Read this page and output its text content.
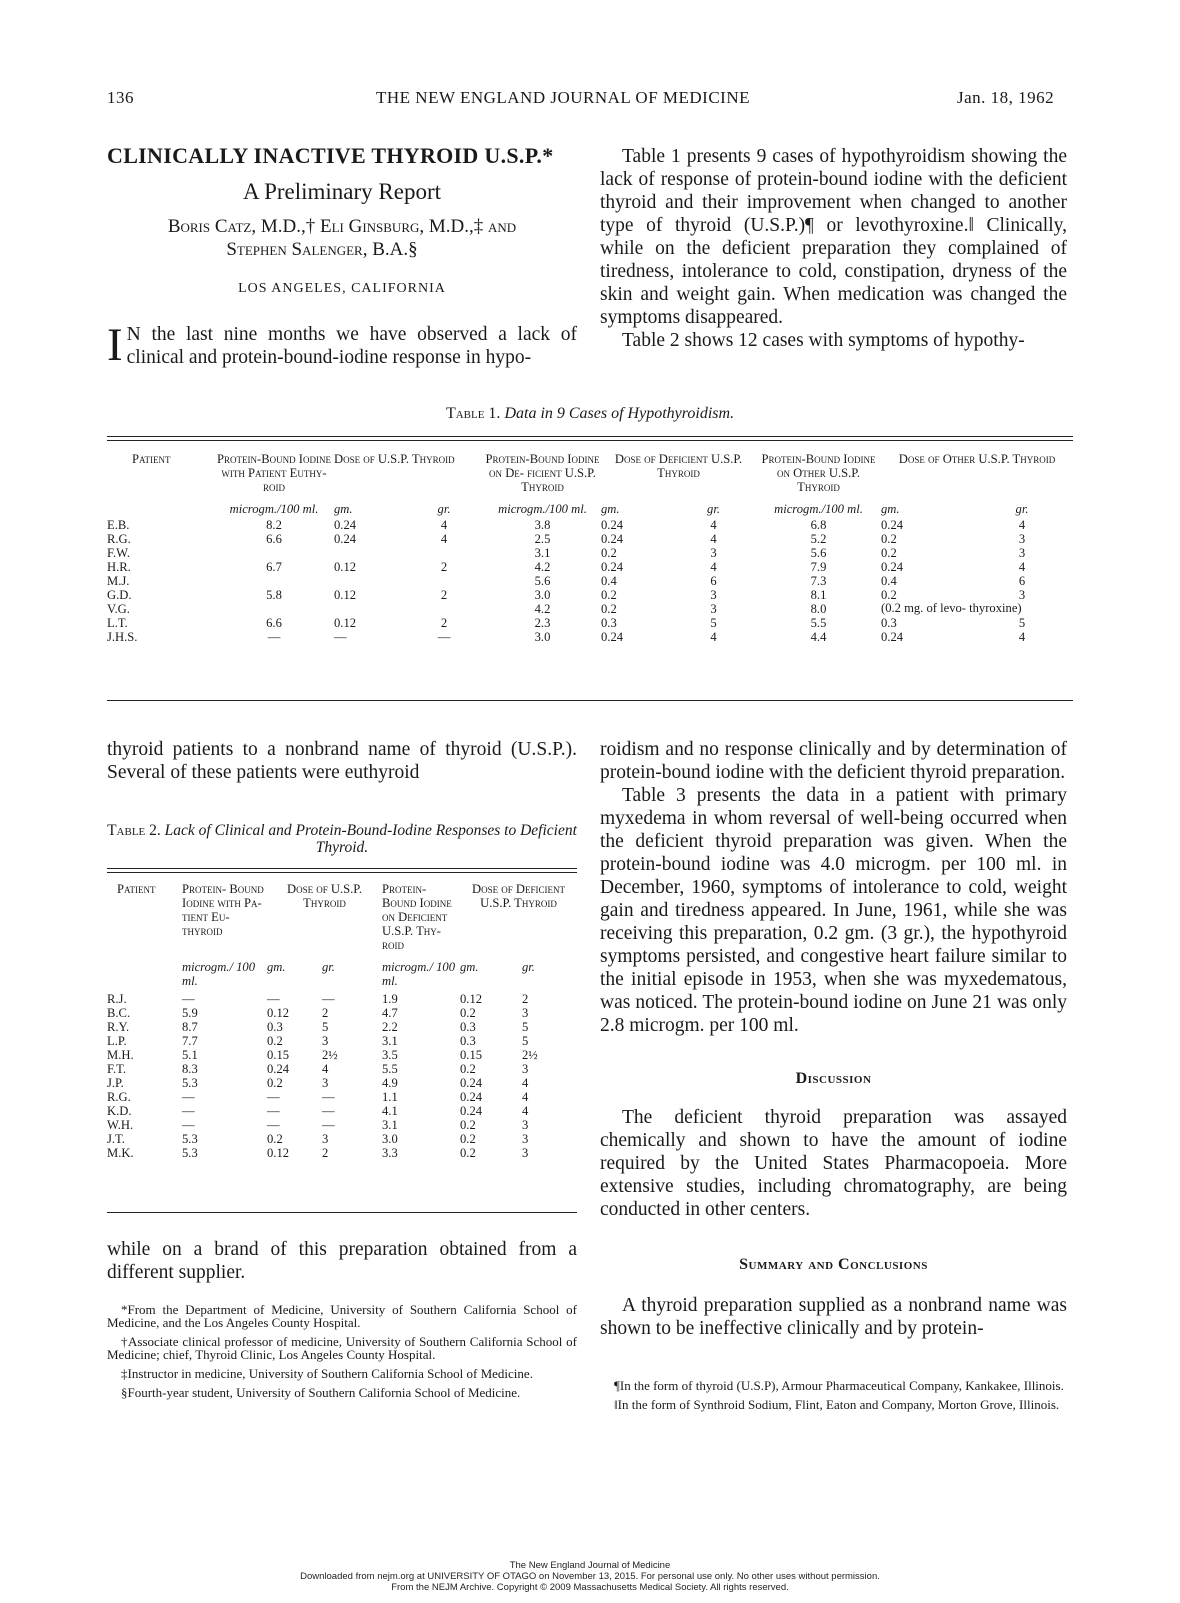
136	THE NEW ENGLAND JOURNAL OF MEDICINE	Jan. 18, 1962
CLINICALLY INACTIVE THYROID U.S.P.*
A Preliminary Report
Boris Catz, M.D.,† Eli Ginsburg, M.D.,‡ and
Stephen Salenger, B.A.§
LOS ANGELES, CALIFORNIA
I N the last nine months we have observed a lack of clinical and protein-bound-iodine response in hypo-
Table 1 presents 9 cases of hypothyroidism showing the lack of response of protein-bound iodine with the deficient thyroid and their improvement when changed to another type of thyroid (U.S.P.)¶ or levothyroxine.‖ Clinically, while on the deficient preparation they complained of tiredness, intolerance to cold, constipation, dryness of the skin and weight gain. When medication was changed the symptoms disappeared.
Table 2 shows 12 cases with symptoms of hypothy-
Table 1. Data in 9 Cases of Hypothyroidism.
Patient	Protein-Bound Iodine with Patient Euthy- roid	Dose of U.S.P. Thyroid		Protein-Bound Iodine on De- ficient U.S.P. Thyroid	Dose of Deficient U.S.P. Thyroid		Protein-Bound Iodine on Other U.S.P. Thyroid	Dose of Other U.S.P. Thyroid	
	microgm./100 ml.	gm.	gr.	microgm./100 ml.	gm.	gr.	microgm./100 ml.	gm.	gr.
E.B.	8.2	0.24	4	3.8	0.24	4	6.8	0.24	4
R.G.	6.6	0.24	4	2.5	0.24	4	5.2	0.2	3
F.W.				3.1	0.2	3	5.6	0.2	3
H.R.	6.7	0.12	2	4.2	0.24	4	7.9	0.24	4
M.J.				5.6	0.4	6	7.3	0.4	6
G.D.	5.8	0.12	2	3.0	0.2	3	8.1	0.2	3
V.G.				4.2	0.2	3	8.0	(0.2 mg. of levo- thyroxine)	
L.T.	6.6	0.12	2	2.3	0.3	5	5.5	0.3	5
J.H.S.	—	—	—	3.0	0.24	4	4.4	0.24	4
thyroid patients to a nonbrand name of thyroid (U.S.P.). Several of these patients were euthyroid
Table 2. Lack of Clinical and Protein-Bound-Iodine Responses to Deficient Thyroid.
Patient	Protein- Bound Iodine with Pa- tient Eu- thyroid	Dose of U.S.P. Thyroid		Protein- Bound Iodine on Deficient U.S.P. Thy- roid	Dose of Deficient U.S.P. Thyroid	
	microgm./ 100 ml.	gm.	gr.	microgm./ 100 ml.	gm.	gr.
R.J.	—	—	—	1.9	0.12	2
B.C.	5.9	0.12	2	4.7	0.2	3
R.Y.	8.7	0.3	5	2.2	0.3	5
L.P.	7.7	0.2	3	3.1	0.3	5
M.H.	5.1	0.15	2½	3.5	0.15	2½
F.T.	8.3	0.24	4	5.5	0.2	3
J.P.	5.3	0.2	3	4.9	0.24	4
R.G.	—	—	—	1.1	0.24	4
K.D.	—	—	—	4.1	0.24	4
W.H.	—	—	—	3.1	0.2	3
J.T.	5.3	0.2	3	3.0	0.2	3
M.K.	5.3	0.12	2	3.3	0.2	3
while on a brand of this preparation obtained from a different supplier.

*From the Department of Medicine, University of Southern California School of Medicine, and the Los Angeles County Hospital.

†Associate clinical professor of medicine, University of Southern California School of Medicine; chief, Thyroid Clinic, Los Angeles County Hospital.

‡Instructor in medicine, University of Southern California School of Medicine.

§Fourth-year student, University of Southern California School of Medicine.

roidism and no response clinically and by determination of protein-bound iodine with the deficient thyroid preparation.
Table 3 presents the data in a patient with primary myxedema in whom reversal of well-being occurred when the deficient thyroid preparation was given. When the protein-bound iodine was 4.0 microgm. per 100 ml. in December, 1960, symptoms of intolerance to cold, weight gain and tiredness appeared. In June, 1961, while she was receiving this preparation, 0.2 gm. (3 gr.), the hypothyroid symptoms persisted, and congestive heart failure similar to the initial episode in 1953, when she was myxedematous, was noticed. The protein-bound iodine on June 21 was only 2.8 microgm. per 100 ml.
Discussion
The deficient thyroid preparation was assayed chemically and shown to have the amount of iodine required by the United States Pharmacopoeia. More extensive studies, including chromatography, are being conducted in other centers.
Summary and Conclusions
A thyroid preparation supplied as a nonbrand name was shown to be ineffective clinically and by protein-

¶In the form of thyroid (U.S.P), Armour Pharmaceutical Company, Kankakee, Illinois.

‖In the form of Synthroid Sodium, Flint, Eaton and Company, Morton Grove, Illinois.

The New England Journal of Medicine
Downloaded from nejm.org at UNIVERSITY OF OTAGO on November 13, 2015. For personal use only. No other uses without permission.
From the NEJM Archive. Copyright © 2009 Massachusetts Medical Society. All rights reserved.
